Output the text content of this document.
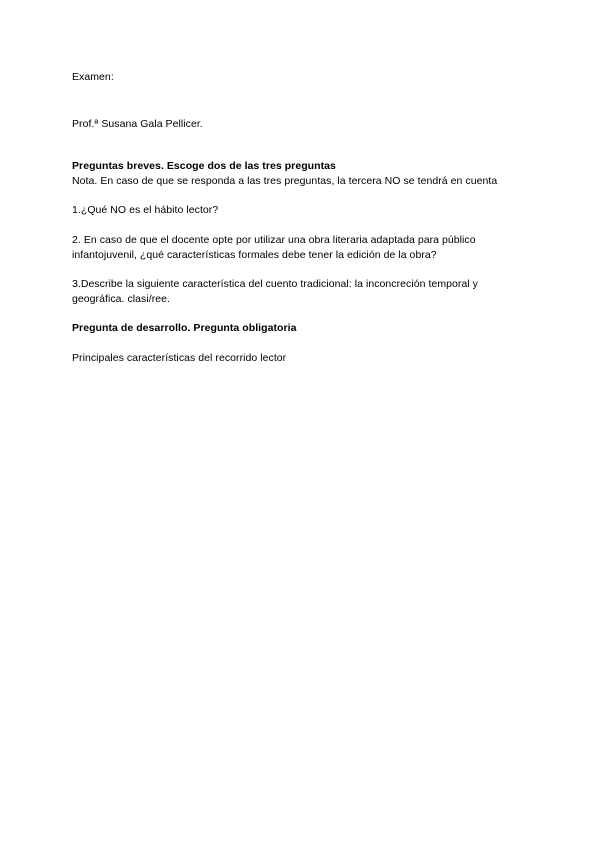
Examen:
Prof.ª Susana Gala Pellicer.
Preguntas breves. Escoge dos de las tres preguntas
Nota. En caso de que se responda a las tres preguntas, la tercera NO se tendrá en cuenta
1.¿Qué NO es el hábito lector?
2. En caso de que el docente opte por utilizar una obra literaria adaptada para público
infantojuvenil, ¿qué características formales debe tener la edición de la obra?
3.Describe la siguiente característica del cuento tradicional: la inconcreción temporal y
geográfica. clasi/ree.
Pregunta de desarrollo. Pregunta obligatoria
Principales características del recorrido lector
